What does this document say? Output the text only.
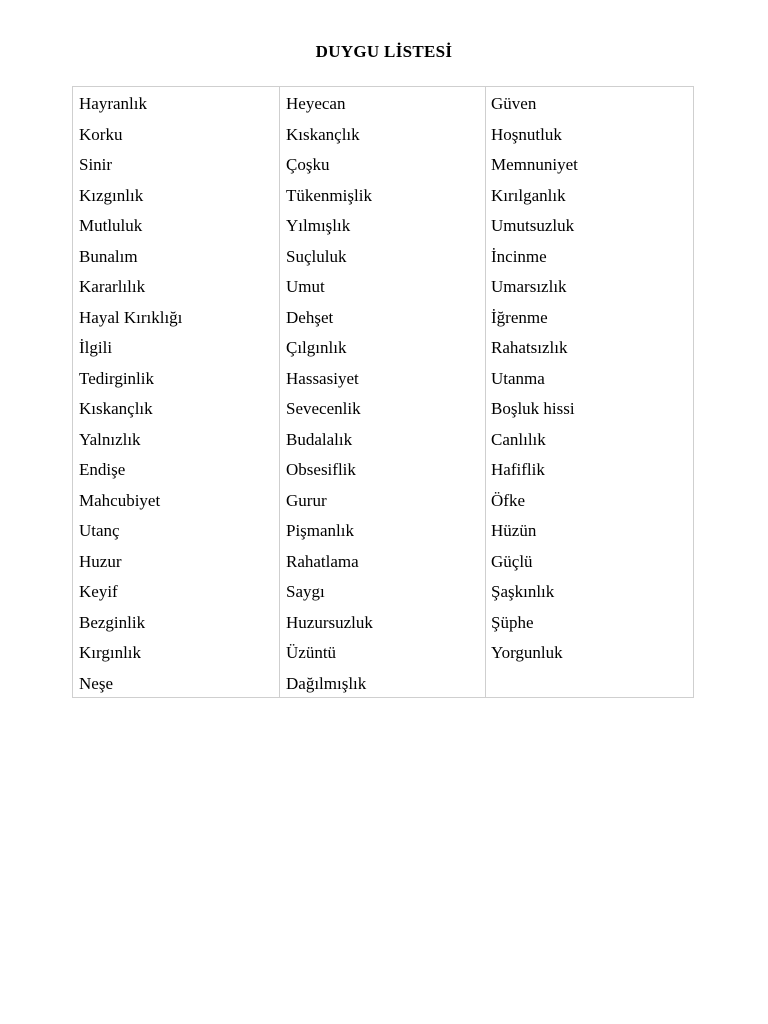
DUYGU LİSTESİ
Hayranlık
Korku
Sinir
Kızgınlık
Mutluluk
Bunalım
Kararlılık
Hayal Kırıklığı
İlgili
Tedirginlik
Kıskançlık
Yalnızlık
Endişe
Mahcubiyet
Utanç
Huzur
Keyif
Bezginlik
Kırgınlık
Neşe
Heyecan
Kıskançlık
Çoşku
Tükenmişlik
Yılmışlık
Suçluluk
Umut
Dehşet
Çılgınlık
Hassasiyet
Sevecenlik
Budalalık
Obsesiflik
Gurur
Pişmanlık
Rahatlama
Saygı
Huzursuzluk
Üzüntü
Dağılmışlık
Güven
Hoşnutluk
Memnuniyet
Kırılganlık
Umutsuzluk
İncinme
Umarsızlık
İğrenme
Rahatsızlık
Utanma
Boşluk hissi
Canlılık
Hafiflik
Öfke
Hüzün
Güçlü
Şaşkınlık
Şüphe
Yorgunluk
